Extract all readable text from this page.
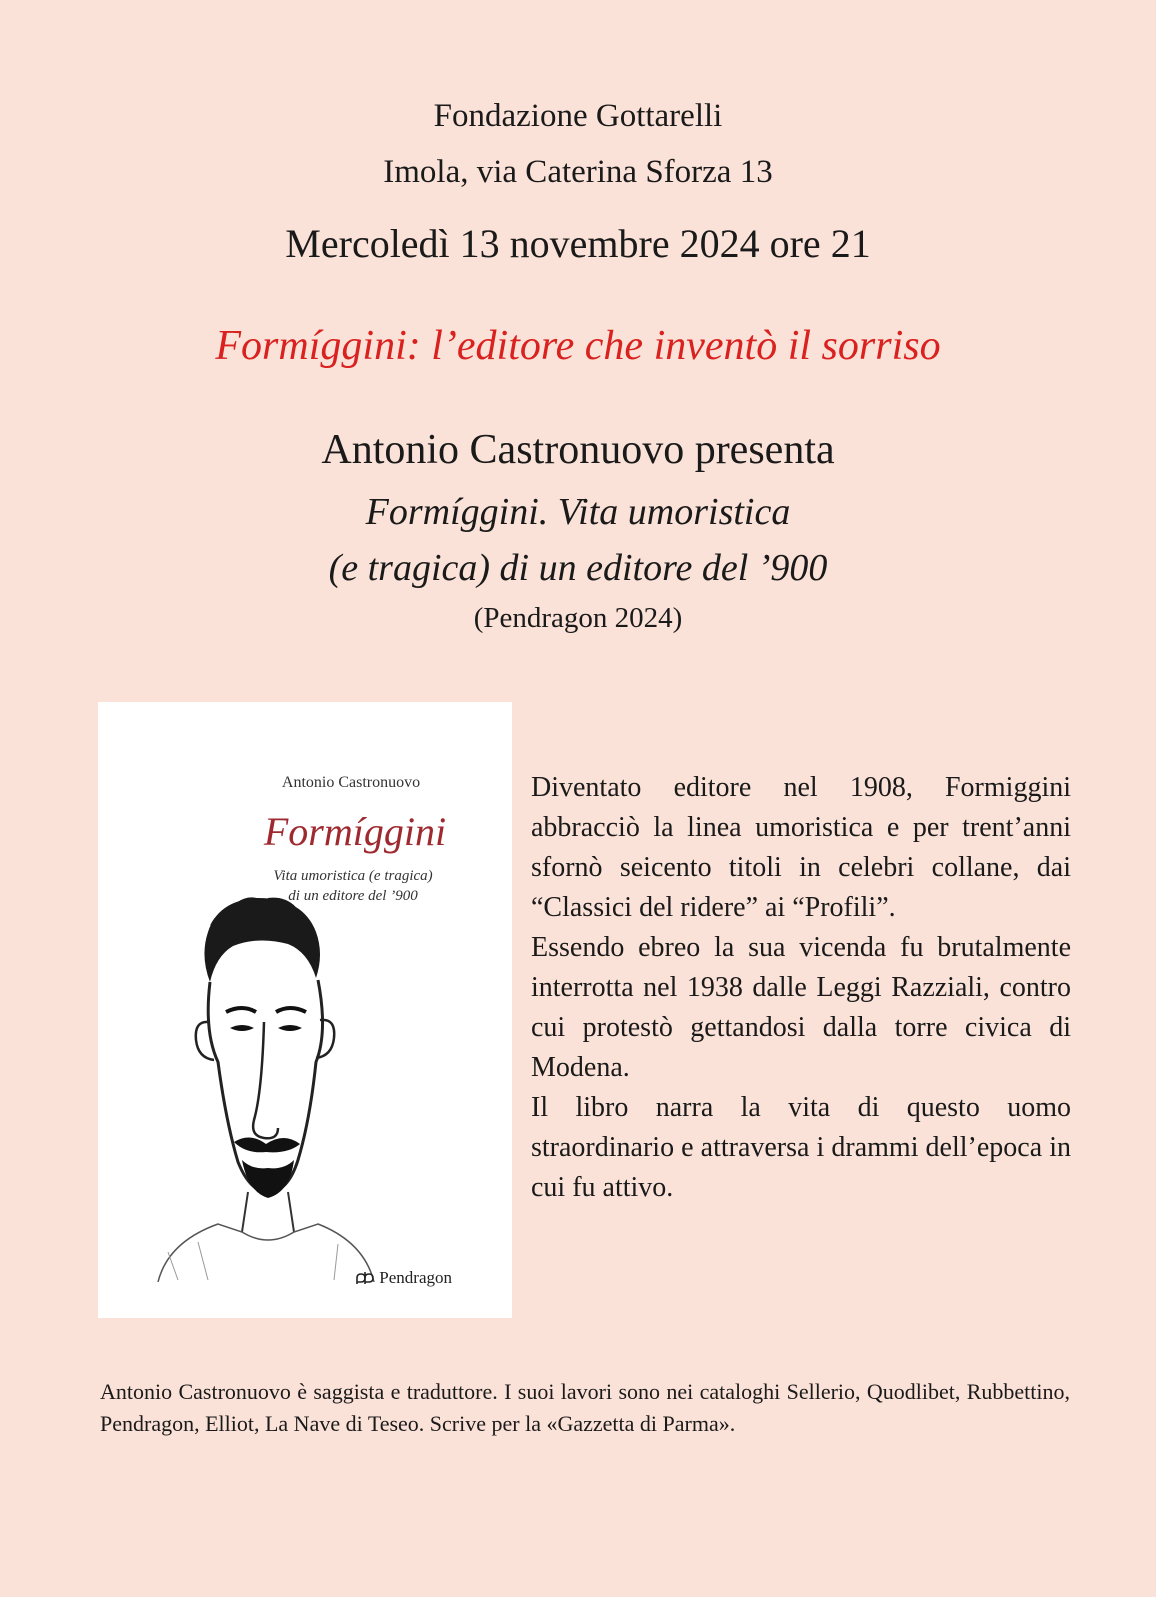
Fondazione Gottarelli
Imola, via Caterina Sforza 13
Mercoledì 13 novembre 2024 ore 21
Formíggini: l’editore che inventò il sorriso
Antonio Castronuovo presenta
Formíggini. Vita umoristica
(e tragica) di un editore del ’900
(Pendragon 2024)
Antonio Castronuovo
Formíggini
Vita umoristica (e tragica)
di un editore del ’900
Pendragon

Diventato editore nel 1908, Formiggini abbracciò la linea umoristica e per trent’anni sfornò seicento titoli in celebri collane, dai “Classici del ridere” ai “Profili”.

Essendo ebreo la sua vicenda fu brutalmente interrotta nel 1938 dalle Leggi Razziali, contro cui protestò gettandosi dalla torre civica di Modena.

Il libro narra la vita di questo uomo straordinario e attraversa i drammi dell’epoca in cui fu attivo.

Antonio Castronuovo è saggista e traduttore. I suoi lavori sono nei cataloghi Sellerio, Quodlibet, Rubbettino, Pendragon, Elliot, La Nave di Teseo. Scrive per la «Gazzetta di Parma».
